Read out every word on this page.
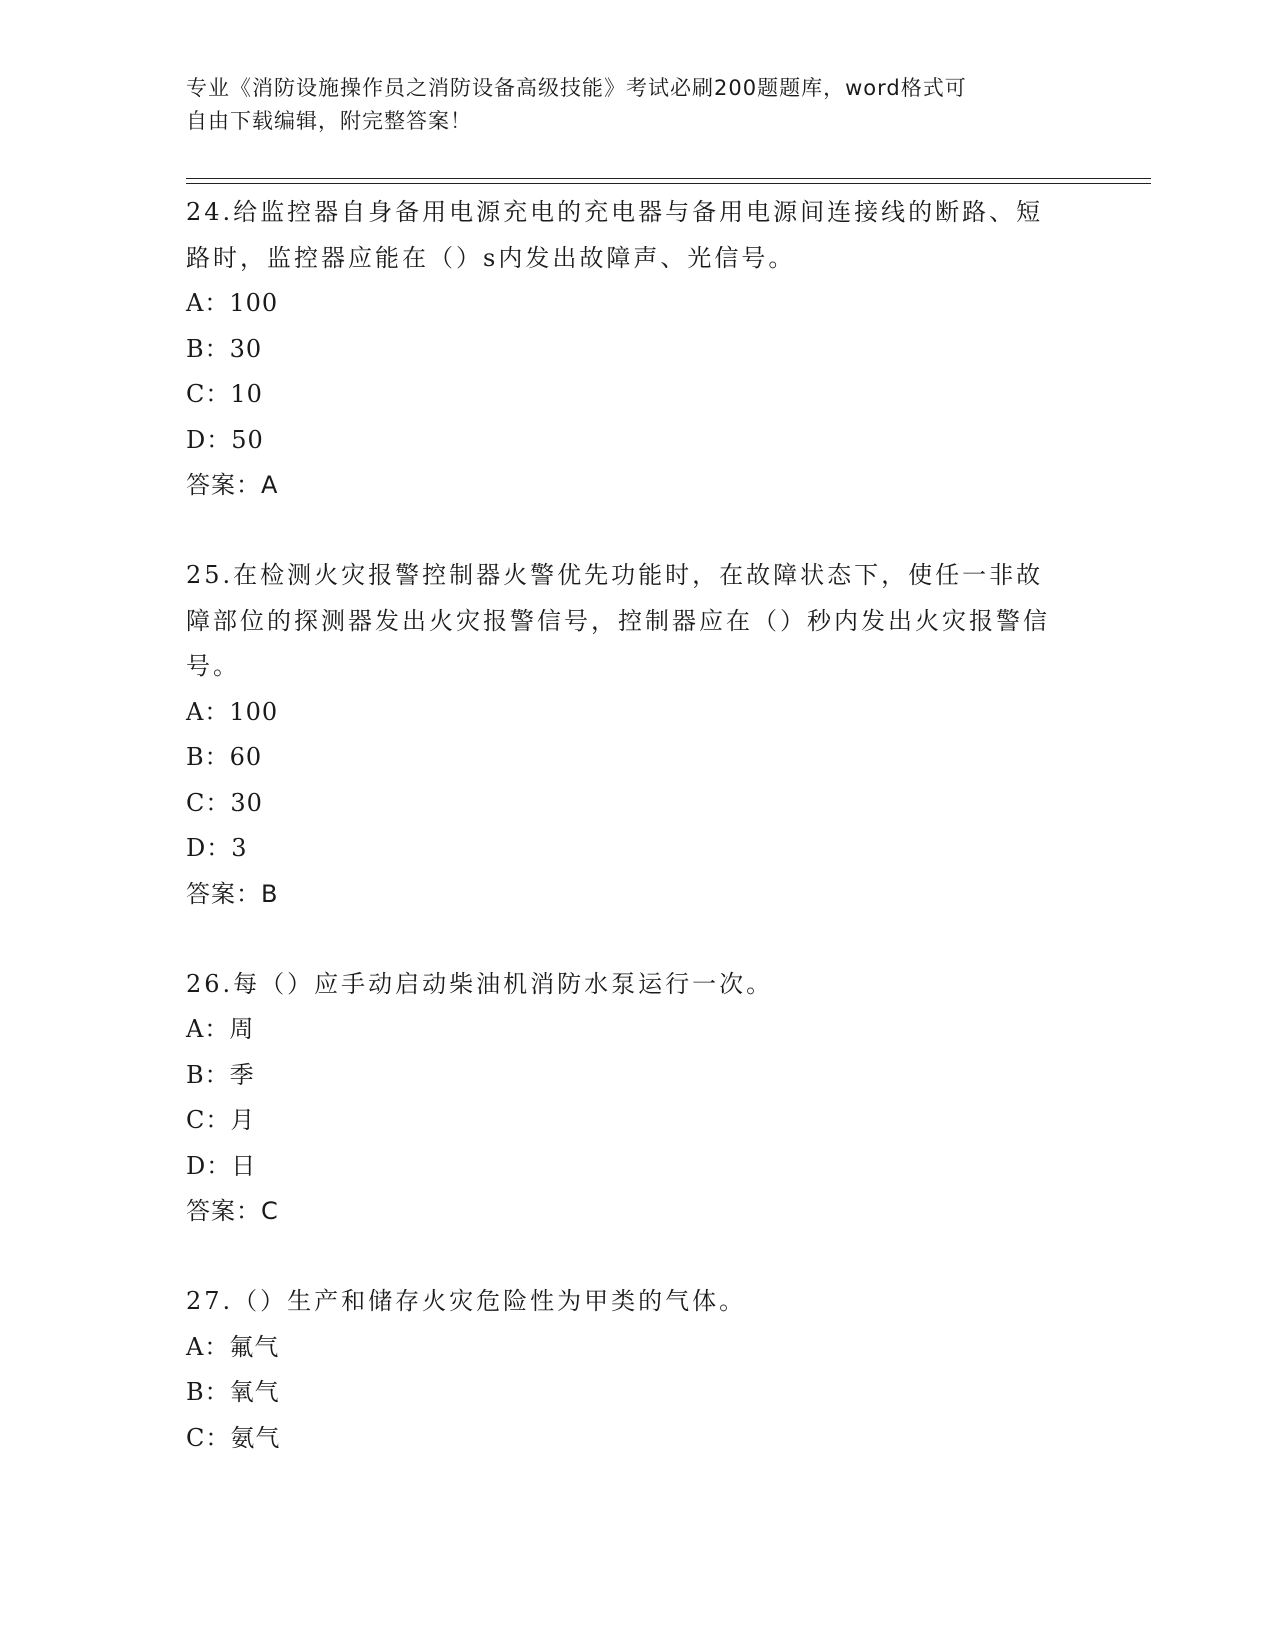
专业《消防设施操作员之消防设备高级技能》考试必刷200题题库，word格式可
自由下载编辑，附完整答案！

24.给监控器自身备用电源充电的充电器与备用电源间连接线的断路、短路时，监控器应能在（）s内发出故障声、光信号。

A：100
B：30
C：10
D：50

答案：A

25.在检测火灾报警控制器火警优先功能时，在故障状态下，使任一非故障部位的探测器发出火灾报警信号，控制器应在（）秒内发出火灾报警信号。

A：100
B：60
C：30
D：3

答案：B

26.每（）应手动启动柴油机消防水泵运行一次。

A：周
B：季
C：月
D：日

答案：C

27.（）生产和储存火灾危险性为甲类的气体。

A：氟气
B：氧气
C：氨气
